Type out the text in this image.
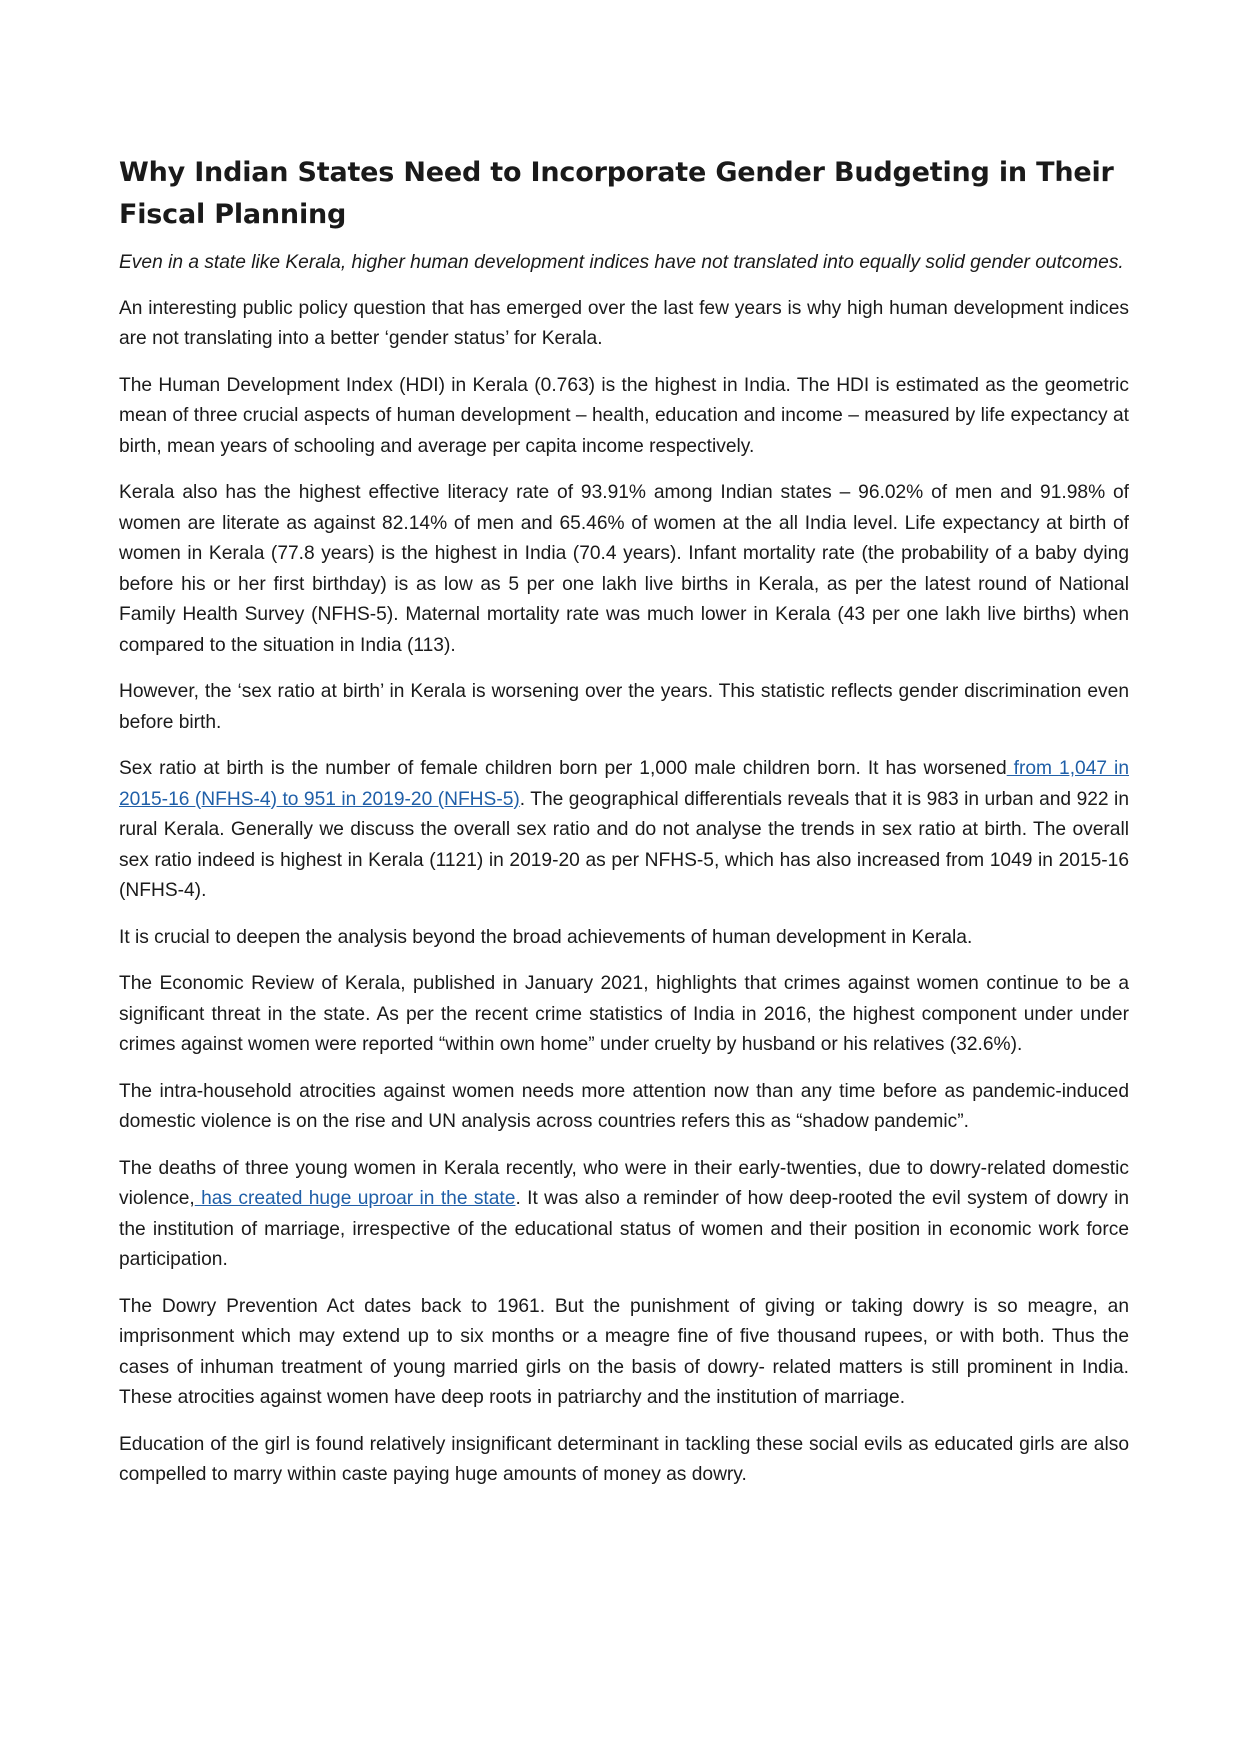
Why Indian States Need to Incorporate Gender Budgeting in Their Fiscal Planning

Even in a state like Kerala, higher human development indices have not translated into equally solid gender outcomes.

An interesting public policy question that has emerged over the last few years is why high human development indices are not translating into a better ‘gender status’ for Kerala.

The Human Development Index (HDI) in Kerala (0.763) is the highest in India. The HDI is estimated as the geometric mean of three crucial aspects of human development – health, education and income – measured by life expectancy at birth, mean years of schooling and average per capita income respectively.

Kerala also has the highest effective literacy rate of 93.91% among Indian states – 96.02% of men and 91.98% of women are literate as against 82.14% of men and 65.46% of women at the all India level. Life expectancy at birth of women in Kerala (77.8 years) is the highest in India (70.4 years). Infant mortality rate (the probability of a baby dying before his or her first birthday) is as low as 5 per one lakh live births in Kerala, as per the latest round of National Family Health Survey (NFHS-5). Maternal mortality rate was much lower in Kerala (43 per one lakh live births) when compared to the situation in India (113).

However, the ‘sex ratio at birth’ in Kerala is worsening over the years. This statistic reflects gender discrimination even before birth.

Sex ratio at birth is the number of female children born per 1,000 male children born. It has worsened from 1,047 in 2015-16 (NFHS-4) to 951 in 2019-20 (NFHS-5). The geographical differentials reveals that it is 983 in urban and 922 in rural Kerala. Generally we discuss the overall sex ratio and do not analyse the trends in sex ratio at birth. The overall sex ratio indeed is highest in Kerala (1121) in 2019-20 as per NFHS-5, which has also increased from 1049 in 2015-16 (NFHS-4).

It is crucial to deepen the analysis beyond the broad achievements of human development in Kerala.

The Economic Review of Kerala, published in January 2021, highlights that crimes against women continue to be a significant threat in the state. As per the recent crime statistics of India in 2016, the highest component under under crimes against women were reported “within own home” under cruelty by husband or his relatives (32.6%).

The intra-household atrocities against women needs more attention now than any time before as pandemic-induced domestic violence is on the rise and UN analysis across countries refers this as “shadow pandemic”.

The deaths of three young women in Kerala recently, who were in their early-twenties, due to dowry-related domestic violence, has created huge uproar in the state. It was also a reminder of how deep-rooted the evil system of dowry in the institution of marriage, irrespective of the educational status of women and their position in economic work force participation.

The Dowry Prevention Act dates back to 1961. But the punishment of giving or taking dowry is so meagre, an imprisonment which may extend up to six months or a meagre fine of five thousand rupees, or with both. Thus the cases of inhuman treatment of young married girls on the basis of dowry- related matters is still prominent in India. These atrocities against women have deep roots in patriarchy and the institution of marriage.

Education of the girl is found relatively insignificant determinant in tackling these social evils as educated girls are also compelled to marry within caste paying huge amounts of money as dowry.
